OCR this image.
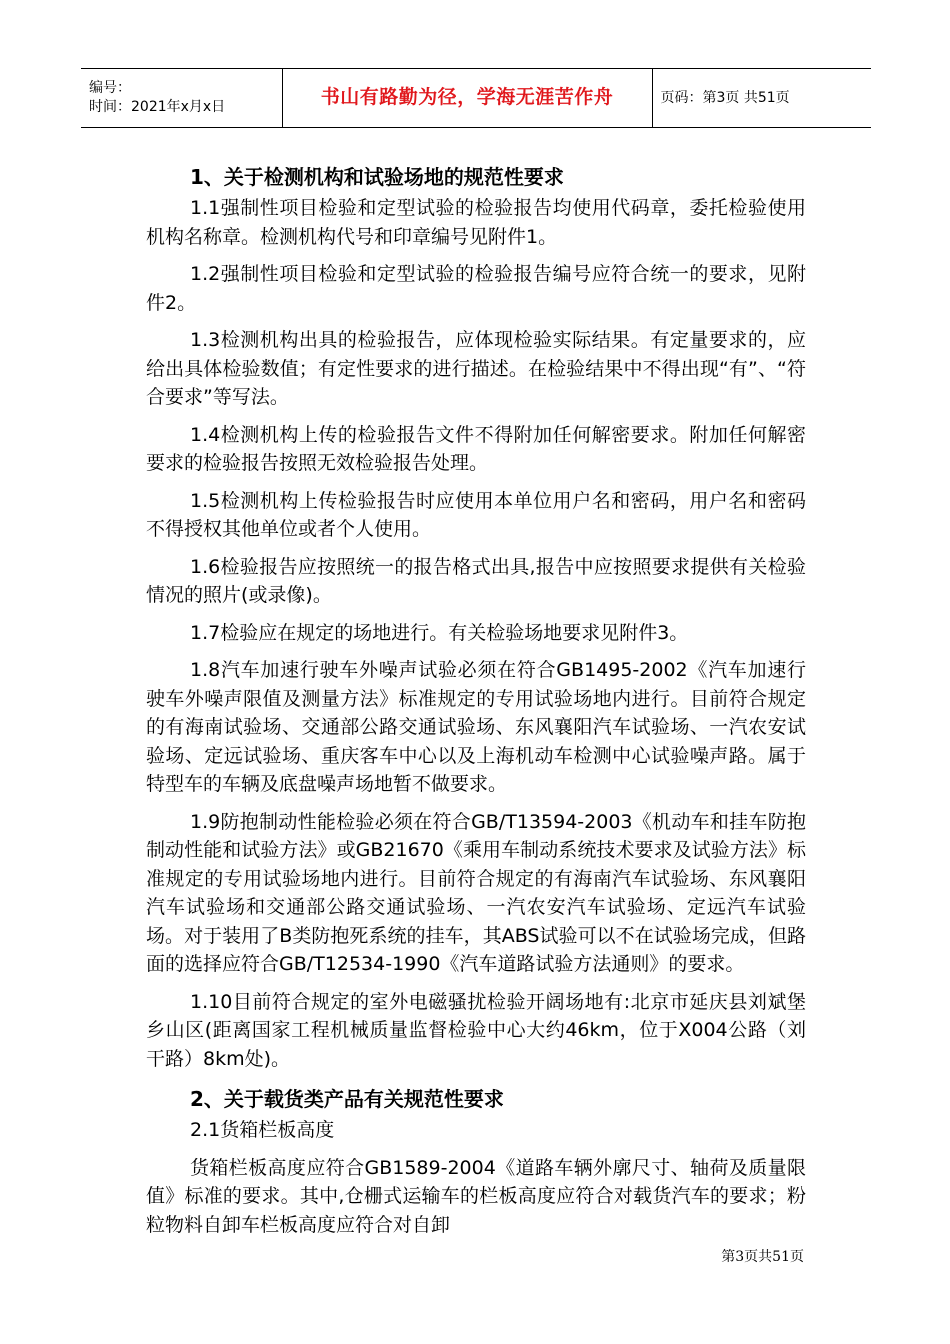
编号：
时间：2021年x月x日	书山有路勤为径，学海无涯苦作舟	页码：第3页 共51页
1、关于检测机构和试验场地的规范性要求

1.1强制性项目检验和定型试验的检验报告均使用代码章，委托检验使用机构名称章。检测机构代号和印章编号见附件1。

1.2强制性项目检验和定型试验的检验报告编号应符合统一的要求，见附件2。

1.3检测机构出具的检验报告，应体现检验实际结果。有定量要求的，应给出具体检验数值；有定性要求的进行描述。在检验结果中不得出现“有”、“符合要求”等写法。

1.4检测机构上传的检验报告文件不得附加任何解密要求。附加任何解密要求的检验报告按照无效检验报告处理。

1.5检测机构上传检验报告时应使用本单位用户名和密码，用户名和密码不得授权其他单位或者个人使用。

1.6检验报告应按照统一的报告格式出具,报告中应按照要求提供有关检验情况的照片(或录像)。

1.7检验应在规定的场地进行。有关检验场地要求见附件3。

1.8汽车加速行驶车外噪声试验必须在符合GB1495-2002《汽车加速行驶车外噪声限值及测量方法》标准规定的专用试验场地内进行。目前符合规定的有海南试验场、交通部公路交通试验场、东风襄阳汽车试验场、一汽农安试验场、定远试验场、重庆客车中心以及上海机动车检测中心试验噪声路。属于特型车的车辆及底盘噪声场地暂不做要求。

1.9防抱制动性能检验必须在符合GB/T13594-2003《机动车和挂车防抱制动性能和试验方法》或GB21670《乘用车制动系统技术要求及试验方法》标准规定的专用试验场地内进行。目前符合规定的有海南汽车试验场、东风襄阳汽车试验场和交通部公路交通试验场、一汽农安汽车试验场、定远汽车试验场。对于装用了B类防抱死系统的挂车，其ABS试验可以不在试验场完成，但路面的选择应符合GB/T12534-1990《汽车道路试验方法通则》的要求。

1.10目前符合规定的室外电磁骚扰检验开阔场地有:北京市延庆县刘斌堡乡山区(距离国家工程机械质量监督检验中心大约46km，位于X004公路（刘干路）8km处)。

2、关于载货类产品有关规范性要求

2.1货箱栏板高度

货箱栏板高度应符合GB1589-2004《道路车辆外廓尺寸、轴荷及质量限值》标准的要求。其中,仓栅式运输车的栏板高度应符合对载货汽车的要求；粉粒物料自卸车栏板高度应符合对自卸

第3页共51页
